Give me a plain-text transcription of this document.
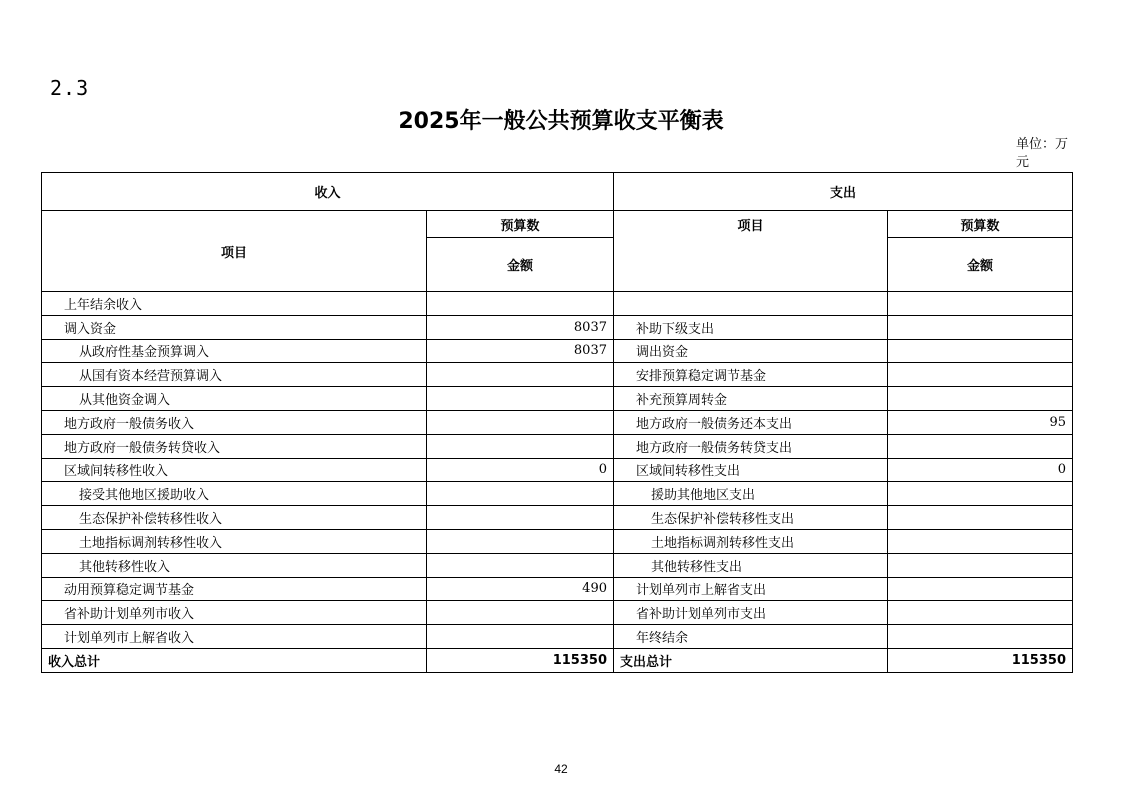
2.3
2025年一般公共预算收支平衡表
单位：万元
收入		支出	
项目	预算数	项目	预算数
	金额		金额
上年结余收入			
调入资金	8037	补助下级支出	
从政府性基金预算调入	8037	调出资金	
从国有资本经营预算调入		安排预算稳定调节基金	
从其他资金调入		补充预算周转金	
地方政府一般债务收入		地方政府一般债务还本支出	95
地方政府一般债务转贷收入		地方政府一般债务转贷支出	
区域间转移性收入	0	区域间转移性支出	0
接受其他地区援助收入		援助其他地区支出	
生态保护补偿转移性收入		生态保护补偿转移性支出	
土地指标调剂转移性收入		土地指标调剂转移性支出	
其他转移性收入		其他转移性支出	
动用预算稳定调节基金	490	计划单列市上解省支出	
省补助计划单列市收入		省补助计划单列市支出	
计划单列市上解省收入		年终结余	
收入总计	115350	支出总计	115350
42
